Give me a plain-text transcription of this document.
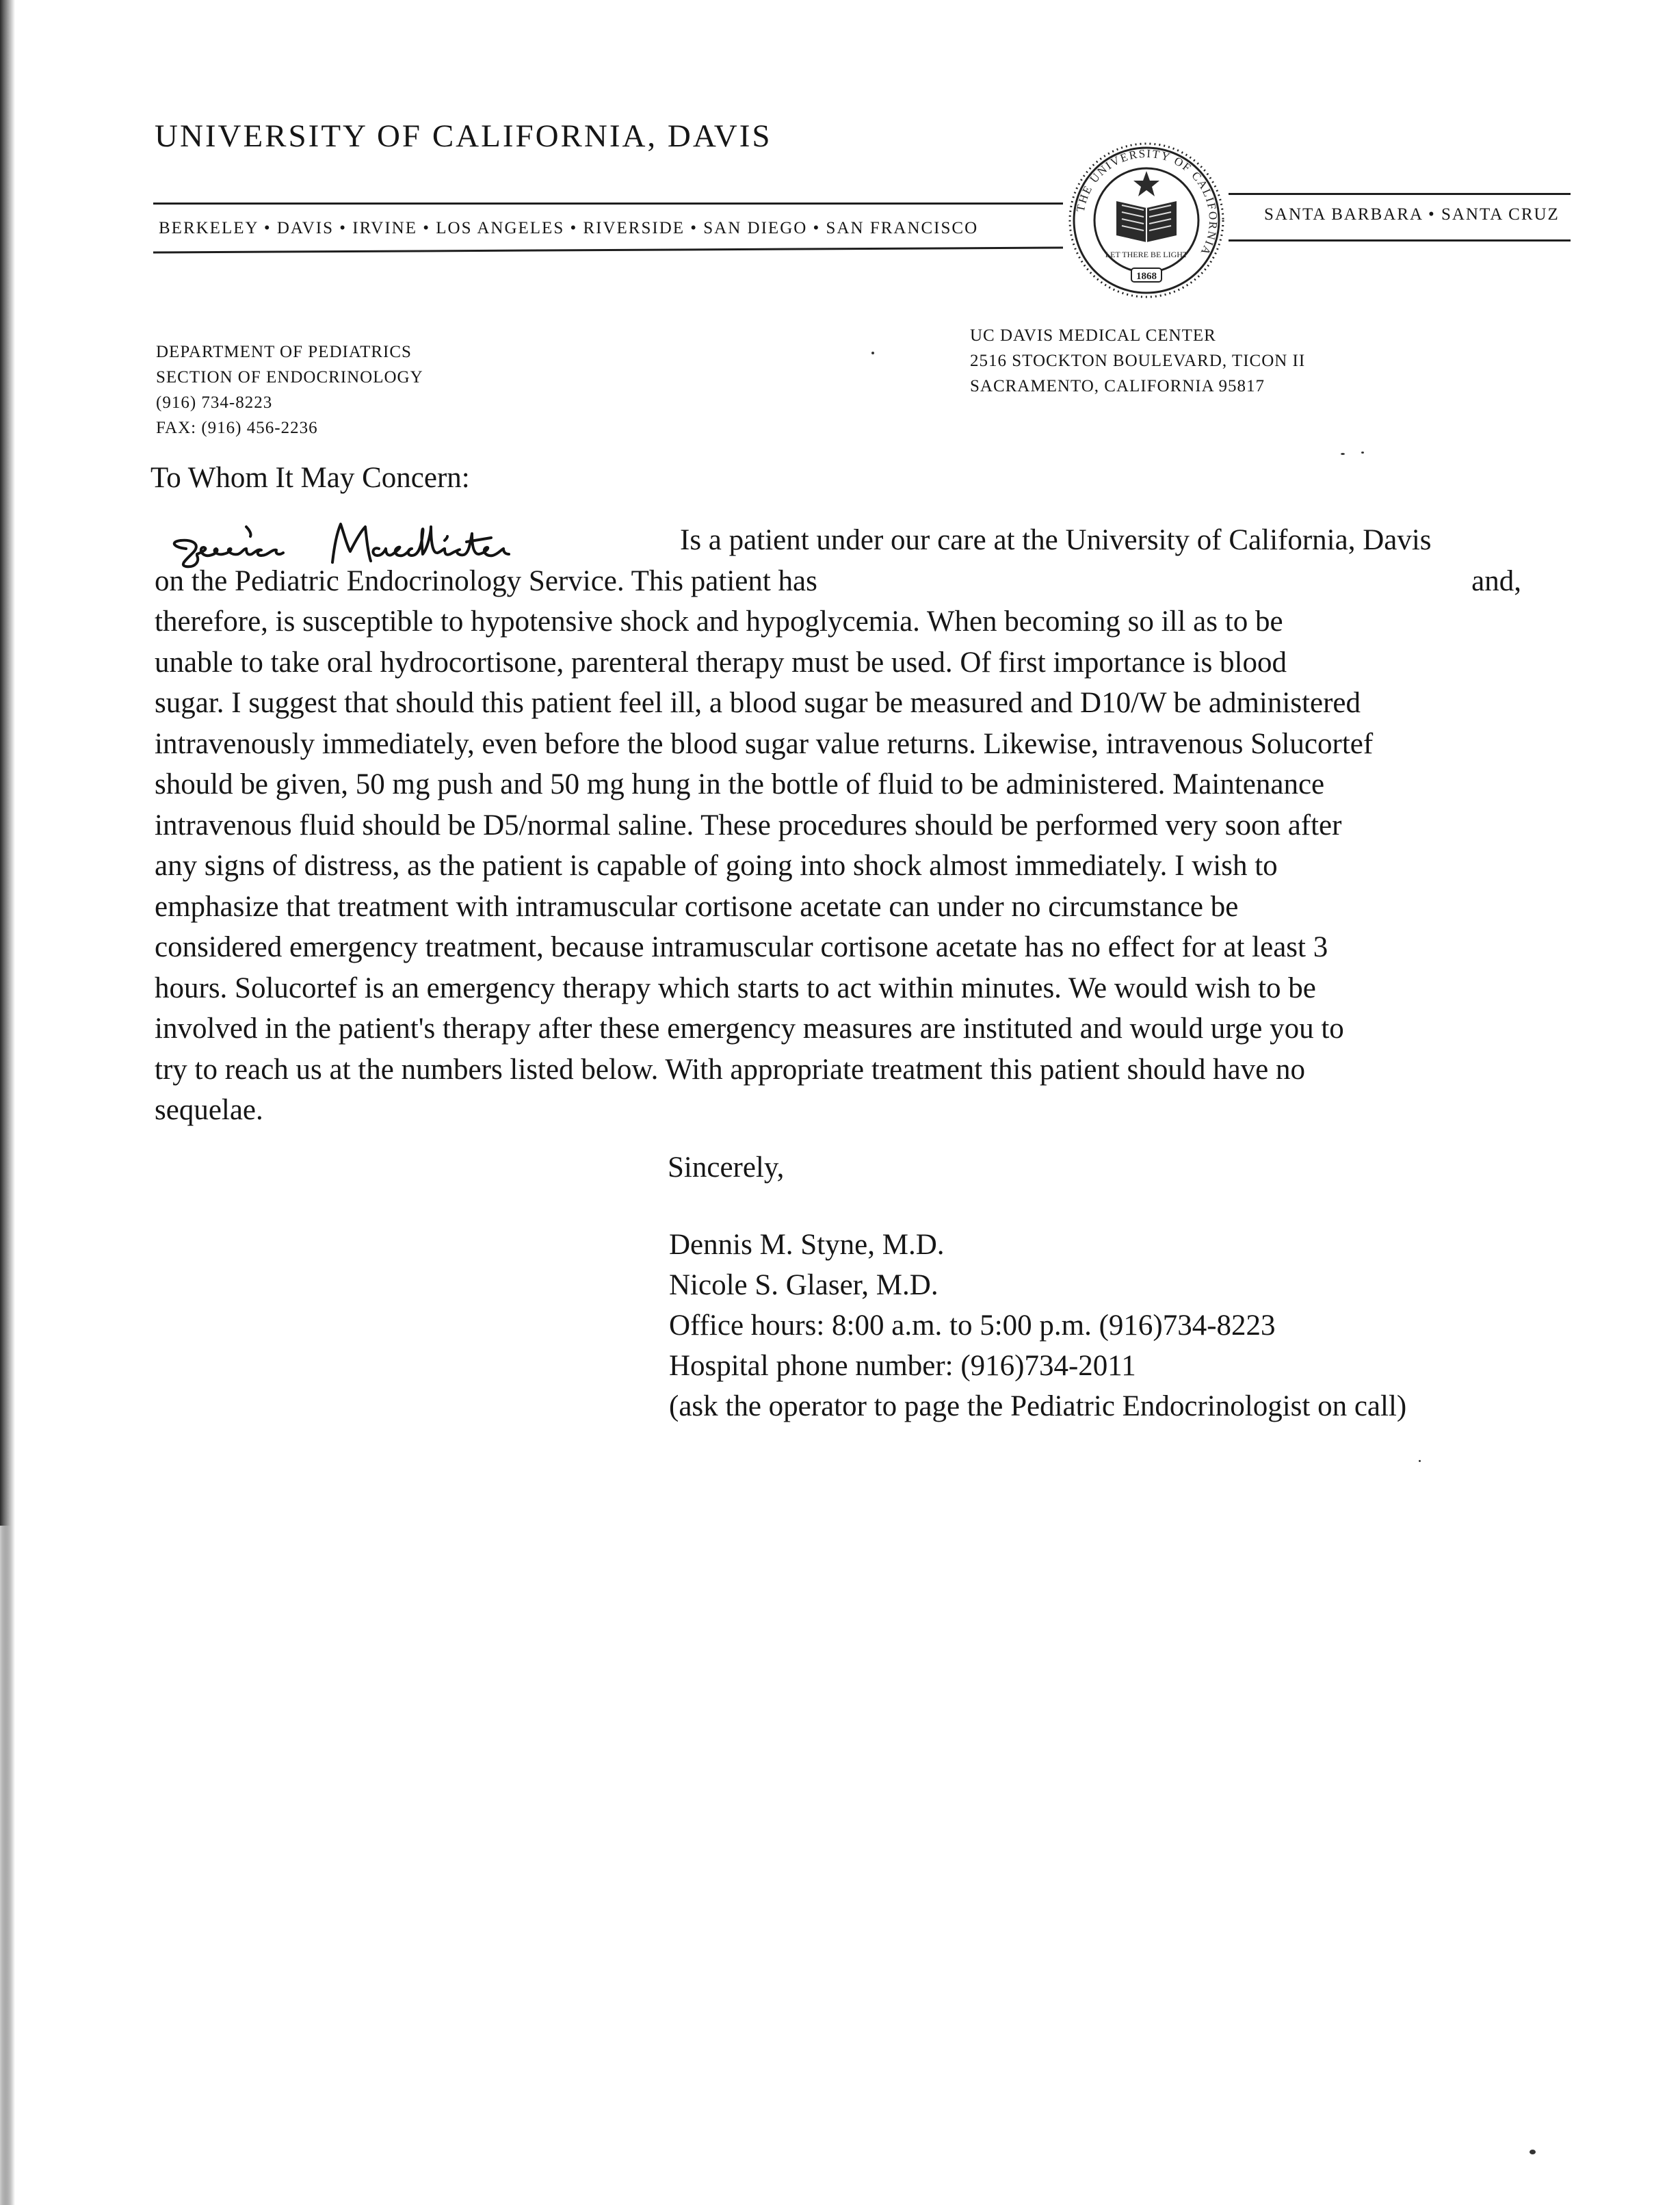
UNIVERSITY OF CALIFORNIA, DAVIS
BERKELEY • DAVIS • IRVINE • LOS ANGELES • RIVERSIDE • SAN DIEGO • SAN FRANCISCO
SANTA BARBARA • SANTA CRUZ
THE UNIVERSITY OF CALIFORNIA
LET THERE BE LIGHT
1868
DEPARTMENT OF PEDIATRICS
SECTION OF ENDOCRINOLOGY
(916) 734-8223
FAX: (916) 456-2236
UC DAVIS MEDICAL CENTER
2516 STOCKTON BOULEVARD, TICON II
SACRAMENTO, CALIFORNIA 95817
To Whom It May Concern:
Is a patient under our care at the University of California, Davis
on the Pediatric Endocrinology Service. This patient has	and,
therefore, is susceptible to hypotensive shock and hypoglycemia. When becoming so ill as to be
unable to take oral hydrocortisone, parenteral therapy must be used. Of first importance is blood
sugar. I suggest that should this patient feel ill, a blood sugar be measured and D10/W be administered
intravenously immediately, even before the blood sugar value returns. Likewise, intravenous Solucortef
should be given, 50 mg push and 50 mg hung in the bottle of fluid to be administered. Maintenance
intravenous fluid should be D5/normal saline. These procedures should be performed very soon after
any signs of distress, as the patient is capable of going into shock almost immediately. I wish to
emphasize that treatment with intramuscular cortisone acetate can under no circumstance be
considered emergency treatment, because intramuscular cortisone acetate has no effect for at least 3
hours. Solucortef is an emergency therapy which starts to act within minutes. We would wish to be
involved in the patient's therapy after these emergency measures are instituted and would urge you to
try to reach us at the numbers listed below. With appropriate treatment this patient should have no
sequelae.
Sincerely,
Dennis M. Styne, M.D.
Nicole S. Glaser, M.D.
Office hours: 8:00 a.m. to 5:00 p.m. (916)734-8223
Hospital phone number: (916)734-2011
(ask the operator to page the Pediatric Endocrinologist on call)
